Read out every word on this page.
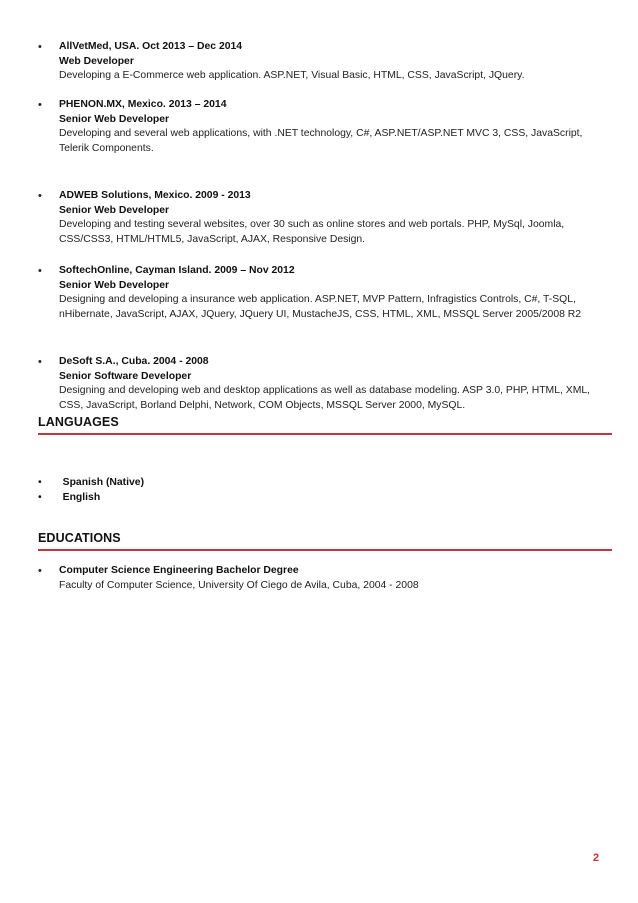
• AllVetMed, USA. Oct 2013 – Dec 2014
Web Developer
Developing a E-Commerce web application. ASP.NET, Visual Basic, HTML, CSS, JavaScript, JQuery.
• PHENON.MX, Mexico. 2013 – 2014
Senior Web Developer
Developing and several web applications, with .NET technology, C#, ASP.NET/ASP.NET MVC 3, CSS, JavaScript, Telerik Components.
• ADWEB Solutions, Mexico. 2009 - 2013
Senior Web Developer
Developing and testing several websites, over 30 such as online stores and web portals. PHP, MySql, Joomla, CSS/CSS3, HTML/HTML5, JavaScript, AJAX, Responsive Design.
• SoftechOnline, Cayman Island. 2009 – Nov 2012
Senior Web Developer
Designing and developing a insurance web application. ASP.NET, MVP Pattern, Infragistics Controls, C#, T-SQL, nHibernate, JavaScript, AJAX, JQuery, JQuery UI, MustacheJS, CSS, HTML, XML, MSSQL Server 2005/2008 R2
• DeSoft S.A., Cuba. 2004 - 2008
Senior Software Developer
Designing and developing web and desktop applications as well as database modeling. ASP 3.0, PHP, HTML, XML, CSS, JavaScript, Borland Delphi, Network, COM Objects, MSSQL Server 2000, MySQL.
LANGUAGES
• Spanish (Native)
• English
EDUCATIONS
• Computer Science Engineering Bachelor Degree
Faculty of Computer Science, University Of Ciego de Avila, Cuba, 2004 - 2008
2
